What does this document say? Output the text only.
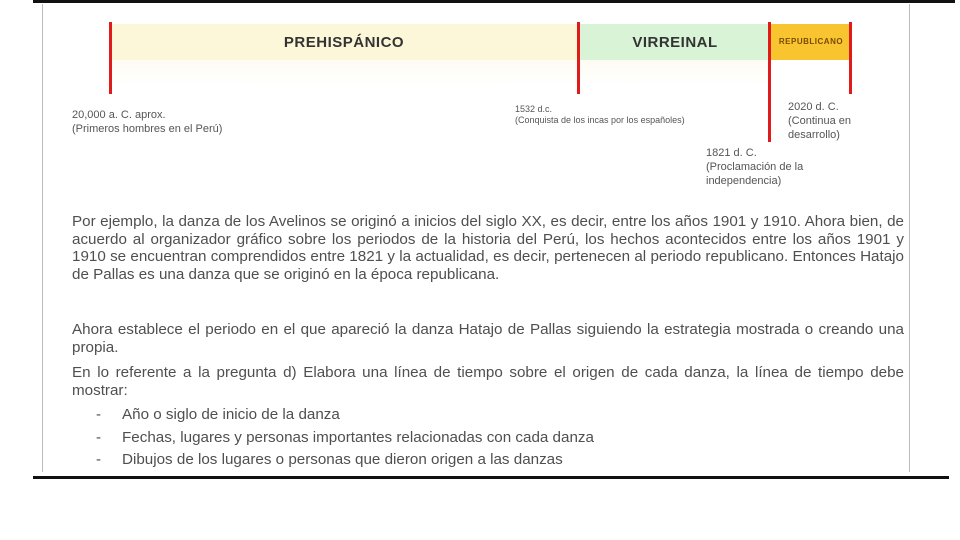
PREHISPÁNICO	VIRREINAL	REPUBLI CANO
20,000 a. C. aprox.
(Primeros hombres en el Perú)
1532 d.c.
(Conquista de los incas por los españoles)
2020 d. C.
(Continua en desarrollo)
1821 d. C.
(Proclamación de la independencia)

Por ejemplo, la danza de los Avelinos se originó a inicios del siglo XX, es decir, entre los años 1901 y 1910. Ahora bien, de acuerdo al organizador gráfico sobre los periodos de la historia del Perú, los hechos acontecidos entre los años 1901 y 1910 se encuentran comprendidos entre 1821 y la actualidad, es decir, pertenecen al periodo republicano. Entonces Hatajo de Pallas es una danza que se originó en la época republicana.

Ahora establece el periodo en el que apareció la danza Hatajo de Pallas siguiendo la estrategia mostrada o creando una propia.

En lo referente a la pregunta d) Elabora una línea de tiempo sobre el origen de cada danza, la línea de tiempo debe mostrar:

- Año o siglo de inicio de la danza
- Fechas, lugares y personas importantes relacionadas con cada danza
- Dibujos de los lugares o personas que dieron origen a las danzas
